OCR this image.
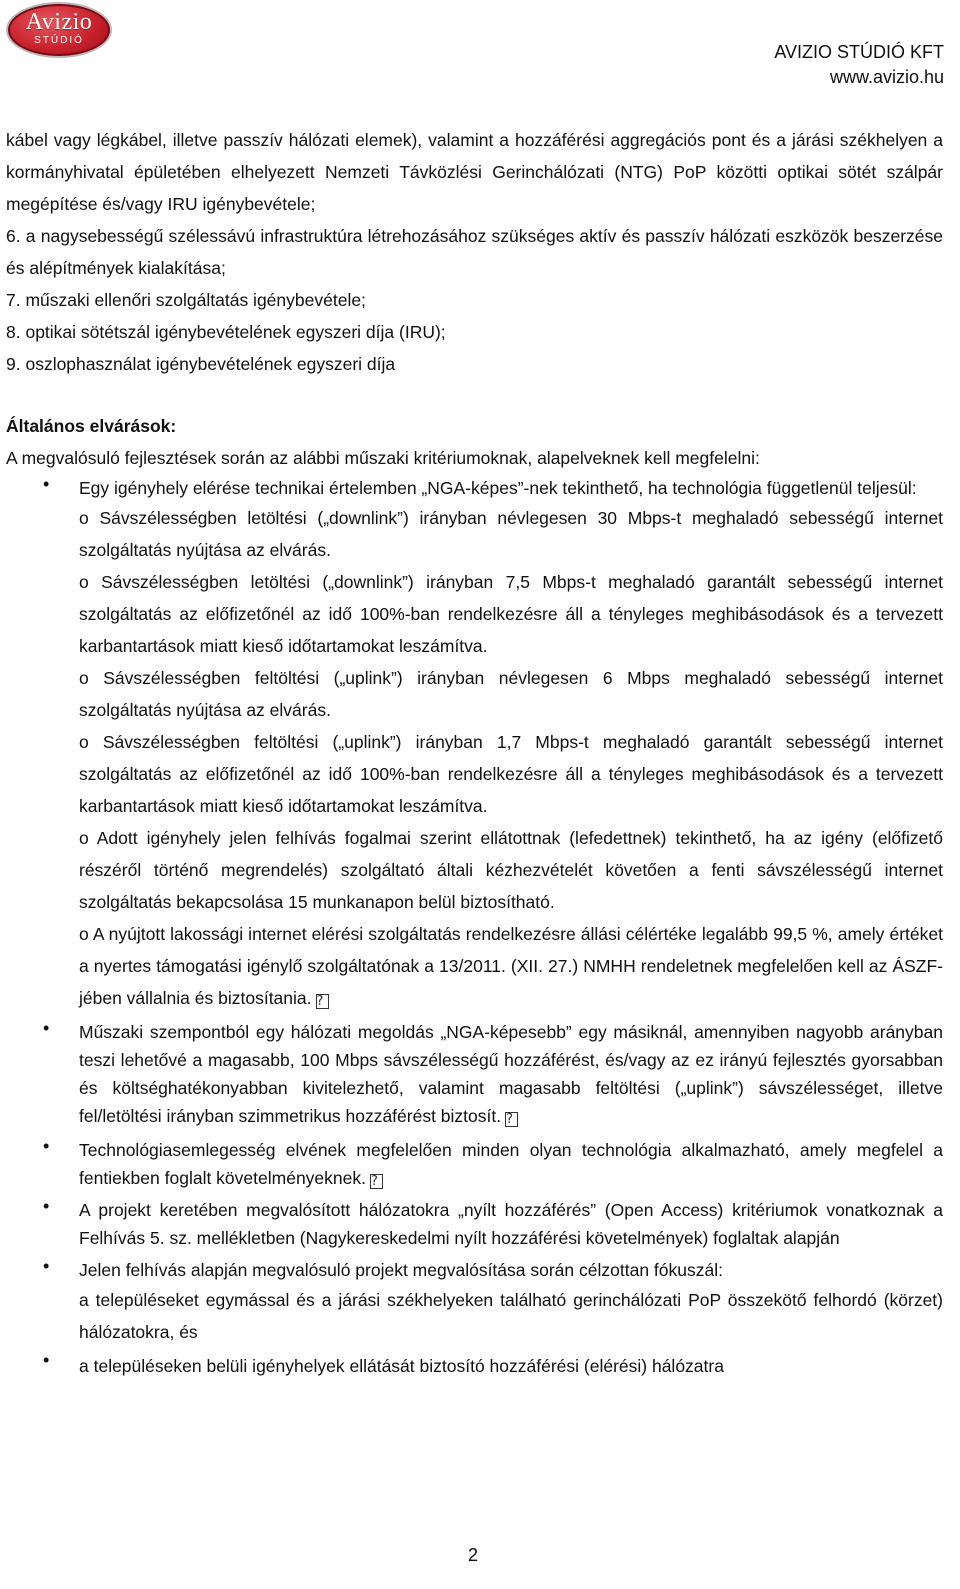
Avizio
STÚDIÓ
AVIZIO STÚDIÓ KFT
www.avizio.hu

kábel vagy légkábel, illetve passzív hálózati elemek), valamint a hozzáférési aggregációs pont és a járási székhelyen a kormányhivatal épületében elhelyezett Nemzeti Távközlési Gerinchálózati (NTG) PoP közötti optikai sötét szálpár megépítése és/vagy IRU igénybevétele;

6. a nagysebességű szélessávú infrastruktúra létrehozásához szükséges aktív és passzív hálózati eszközök beszerzése és alépítmények kialakítása;

7. műszaki ellenőri szolgáltatás igénybevétele;

8. optikai sötétszál igénybevételének egyszeri díja (IRU);

9. oszlophasználat igénybevételének egyszeri díja

Általános elvárások:

A megvalósuló fejlesztések során az alábbi műszaki kritériumoknak, alapelveknek kell megfelelni:

• Egy igényhely elérése technikai értelemben „NGA-képes”-nek tekinthető, ha technológia függetlenül teljesül:

o Sávszélességben letöltési („downlink”) irányban névlegesen 30 Mbps-t meghaladó sebességű internet szolgáltatás nyújtása az elvárás.

o Sávszélességben letöltési („downlink”) irányban 7,5 Mbps-t meghaladó garantált sebességű internet szolgáltatás az előfizetőnél az idő 100%-ban rendelkezésre áll a tényleges meghibásodások és a tervezett karbantartások miatt kieső időtartamokat leszámítva.

o Sávszélességben feltöltési („uplink”) irányban névlegesen 6 Mbps meghaladó sebességű internet szolgáltatás nyújtása az elvárás.

o Sávszélességben feltöltési („uplink”) irányban 1,7 Mbps-t meghaladó garantált sebességű internet szolgáltatás az előfizetőnél az idő 100%-ban rendelkezésre áll a tényleges meghibásodások és a tervezett karbantartások miatt kieső időtartamokat leszámítva.

o Adott igényhely jelen felhívás fogalmai szerint ellátottnak (lefedettnek) tekinthető, ha az igény (előfizető részéről történő megrendelés) szolgáltató általi kézhezvételét követően a fenti sávszélességű internet szolgáltatás bekapcsolása 15 munkanapon belül biztosítható.

o A nyújtott lakossági internet elérési szolgáltatás rendelkezésre állási célértéke legalább 99,5 %, amely értéket a nyertes támogatási igénylő szolgáltatónak a 13/2011. (XII. 27.) NMHH rendeletnek megfelelően kell az ÁSZF-jében vállalnia és biztosítania. ?

• Műszaki szempontból egy hálózati megoldás „NGA-képesebb” egy másiknál, amennyiben nagyobb arányban teszi lehetővé a magasabb, 100 Mbps sávszélességű hozzáférést, és/vagy az ez irányú fejlesztés gyorsabban és költséghatékonyabban kivitelezhető, valamint magasabb feltöltési („uplink”) sávszélességet, illetve fel/letöltési irányban szimmetrikus hozzáférést biztosít. ?

• Technológiasemlegesség elvének megfelelően minden olyan technológia alkalmazható, amely megfelel a fentiekben foglalt követelményeknek. ?

• A projekt keretében megvalósított hálózatokra „nyílt hozzáférés” (Open Access) kritériumok vonatkoznak a Felhívás 5. sz. mellékletben (Nagykereskedelmi nyílt hozzáférési követelmények) foglaltak alapján

• Jelen felhívás alapján megvalósuló projekt megvalósítása során célzottan fókuszál:

a településeket egymással és a járási székhelyeken található gerinchálózati PoP összekötő felhordó (körzet) hálózatokra, és

• a településeken belüli igényhelyek ellátását biztosító hozzáférési (elérési) hálózatra

2
